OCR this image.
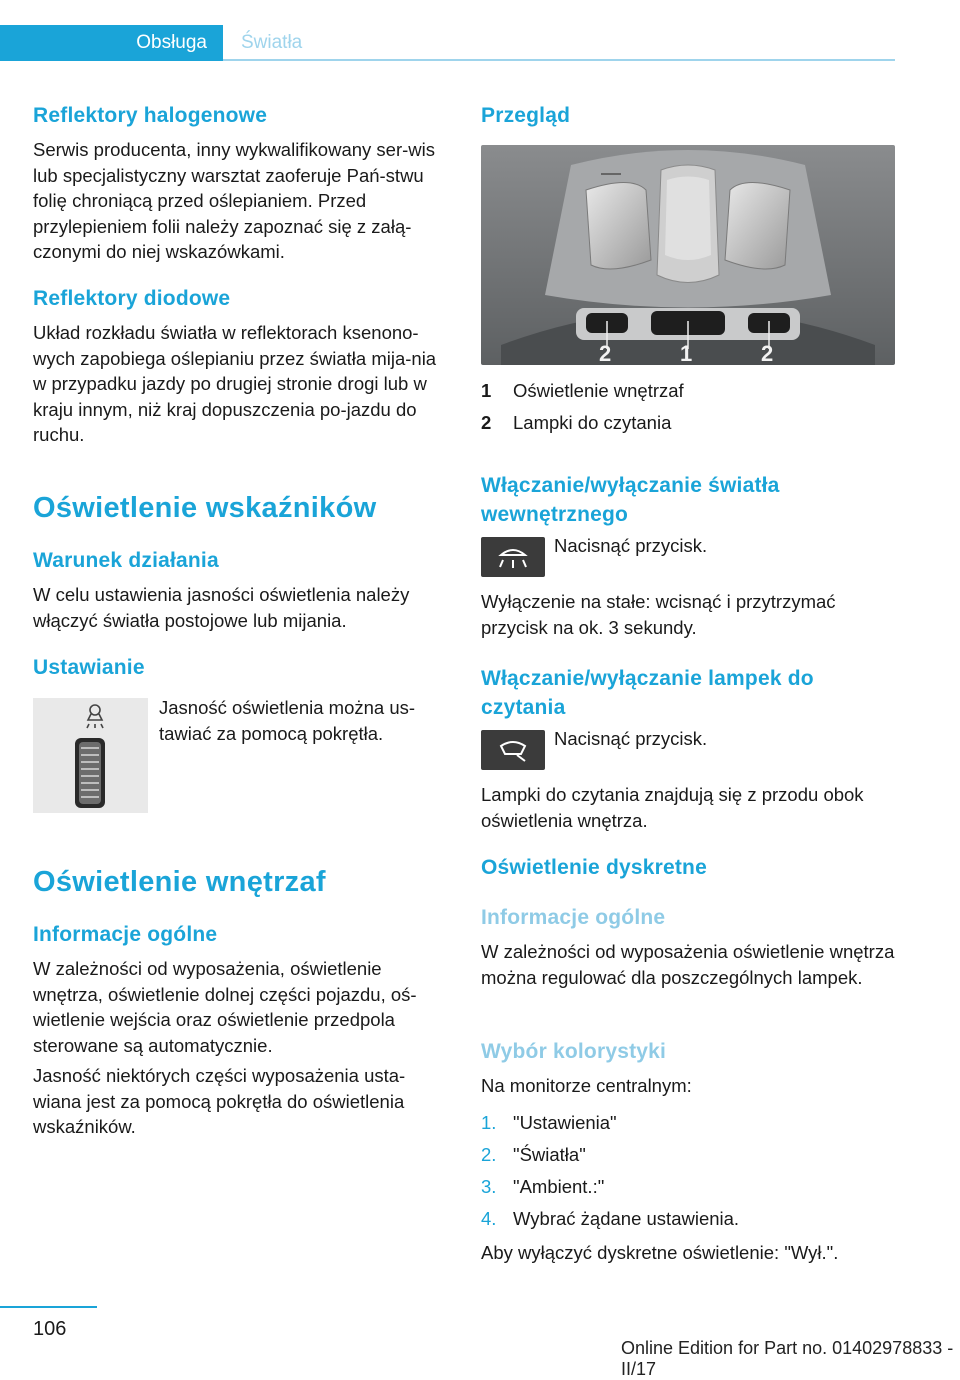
Obsługa Światła
Reflektory halogenowe

Serwis producenta, inny wykwalifikowany ser‐wis lub specjalistyczny warsztat zaoferuje Pań‐stwu folię chroniącą przed oślepianiem. Przed przylepieniem folii należy zapoznać się z załą‐czonymi do niej wskazówkami.

Reflektory diodowe

Układ rozkładu światła w reflektorach ksenono‐wych zapobiega oślepianiu przez światła mija‐nia w przypadku jazdy po drugiej stronie drogi lub w kraju innym, niż kraj dopuszczenia po‐jazdu do ruchu.

Oświetlenie wskaźników
Warunek działania

W celu ustawienia jasności oświetlenia należy włączyć światła postojowe lub mijania.

Ustawianie

Jasność oświetlenia można us‐tawiać za pomocą pokrętła.

Oświetlenie wnętrzaf
Informacje ogólne

W zależności od wyposażenia, oświetlenie wnętrza, oświetlenie dolnej części pojazdu, oś‐wietlenie wejścia oraz oświetlenie przedpola sterowane są automatycznie.

Jasność niektórych części wyposażenia usta‐wiana jest za pomocą pokrętła do oświetlenia wskaźników.

Przegląd
2	1	2
1 Oświetlenie wnętrzaf
2 Lampki do czytania
Włączanie/wyłączanie światła wewnętrznego

Nacisnąć przycisk.

Wyłączenie na stałe: wcisnąć i przytrzymać przycisk na ok. 3 sekundy.

Włączanie/wyłączanie lampek do czytania

Nacisnąć przycisk.

Lampki do czytania znajdują się z przodu obok oświetlenia wnętrza.

Oświetlenie dyskretne
Informacje ogólne

W zależności od wyposażenia oświetlenie wnętrza można regulować dla poszczególnych lampek.

Wybór kolorystyki

Na monitorze centralnym:

1. "Ustawienia"
2. "Światła"
3. "Ambient.:"
4. Wybrać żądane ustawienia.

Aby wyłączyć dyskretne oświetlenie: "Wył.".

106
Online Edition for Part no. 01402978833 - II/17
